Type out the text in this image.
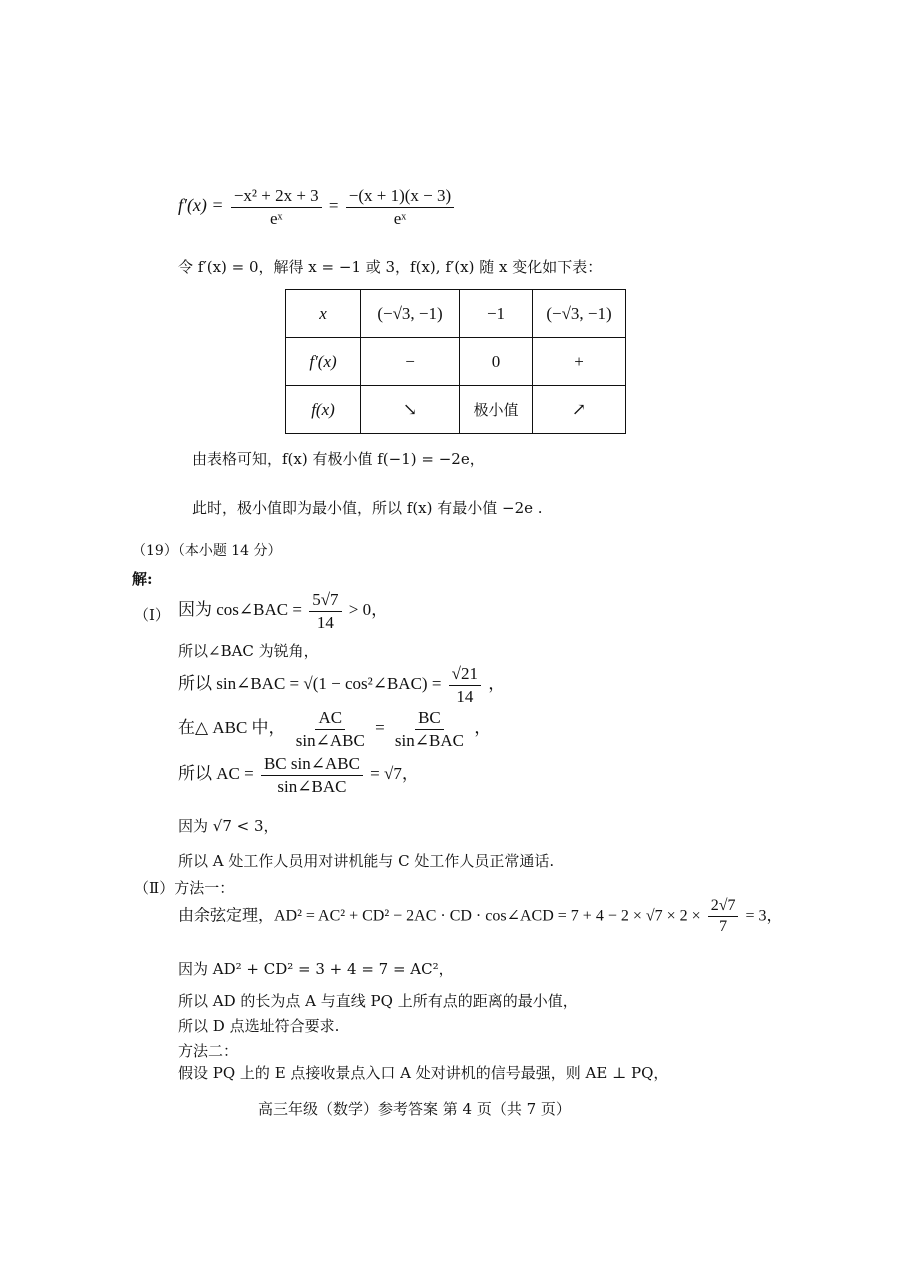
$f'(x) = \frac{\text{−x² + 2x + 3}}{\text{eˣ}} = \frac{-(x + 1)(x - 3)}{\text{eˣ}}$
令 f′(x) = 0，解得 x = −1 或 3，f(x), f′(x) 随 x 变化如下表：
x	(−√3, −1)	−1	(−√3, −1)
f′(x)	−	0	+
f(x)	↘	极小值	↗
由表格可知，f(x) 有极小值 f(−1) = −2e，
此时，极小值即为最小值，所以 f(x) 有最小值 −2e .
（19）（本小题 14 分）
解:
（Ⅰ） 因为 cos∠BAC = $\frac{5√7}{14} > 0$，
所以∠BAC 为锐角，
所以 sin∠BAC = √(1 − cos²∠BAC) = $\frac{√21}{14}$ ，
在△ ABC 中， $\frac{AC}{\text{sin∠ABC}} = \frac{BC}{\text{sin∠BAC}}$ ，
所以 AC = $\frac{\text{BC sin∠ABC}}{\text{sin∠BAC}} = √7$，
因为 √7 < 3，
所以 A 处工作人员用对讲机能与 C 处工作人员正常通话.
（Ⅱ）方法一：
由余弦定理，AD² = AC² + CD² − 2AC · CD · cos∠ACD = $7 + 4 - 2 \times √7 \times 2 \times \frac{2√7}{7} = 3$，
因为 AD² + CD² = 3 + 4 = 7 = AC²，
所以 AD 的长为点 A 与直线 PQ 上所有点的距离的最小值，
所以 D 点选址符合要求.
方法二：
假设 PQ 上的 E 点接收景点入口 A 处对讲机的信号最强，则 AE ⊥ PQ，
高三年级（数学）参考答案 第 4 页（共 7 页）
